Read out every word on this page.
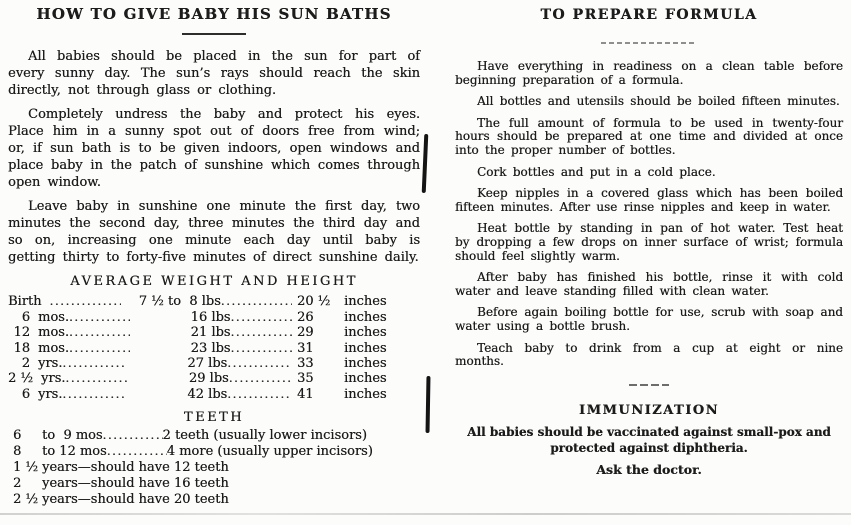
HOW TO GIVE BABY HIS SUN BATHS

All babies should be placed in the sun for part of every sunny day. The sun’s rays should reach the skin directly, not through glass or clothing.

Completely undress the baby and protect his eyes. Place him in a sunny spot out of doors free from wind; or, if sun bath is to be given indoors, open windows and place baby in the patch of sunshine which comes through open window.

Leave baby in sunshine one minute the first day, two minutes the second day, three minutes the third day and so on, increasing one minute each day until baby is getting thirty to forty-five minutes of direct sunshine daily.

AVERAGE WEIGHT AND HEIGHT
Birth .....	7 ½ to  8 lbs .....	20 ½	inches
6 mos. .....	16 lbs .....	26	inches
12 mos. .....	21 lbs .....	29	inches
18 mos. .....	23 lbs .....	31	inches
2 yrs. .....	27 lbs .....	33	inches
2 ½ yrs. .....	29 lbs .....	35	inches
6 yrs. .....	42 lbs .....	41	inches
TEETH
6	to  9 mos .....	2 teeth (usually lower incisors)
8	to 12 mos .....	4 more (usually upper incisors)
1 ½ years—should have 12 teeth
2	years—should have 16 teeth
2 ½ years—should have 20 teeth
TO PREPARE FORMULA

Have everything in readiness on a clean table before beginning preparation of a formula.

All bottles and utensils should be boiled fifteen minutes.

The full amount of formula to be used in twenty-four hours should be prepared at one time and divided at once into the proper number of bottles.

Cork bottles and put in a cold place.

Keep nipples in a covered glass which has been boiled fifteen minutes. After use rinse nipples and keep in water.

Heat bottle by standing in pan of hot water. Test heat by dropping a few drops on inner surface of wrist; formula should feel slightly warm.

After baby has finished his bottle, rinse it with cold water and leave standing filled with clean water.

Before again boiling bottle for use, scrub with soap and water using a bottle brush.

Teach baby to drink from a cup at eight or nine months.

IMMUNIZATION

All babies should be vaccinated against small-pox and protected against diphtheria.

Ask the doctor.
